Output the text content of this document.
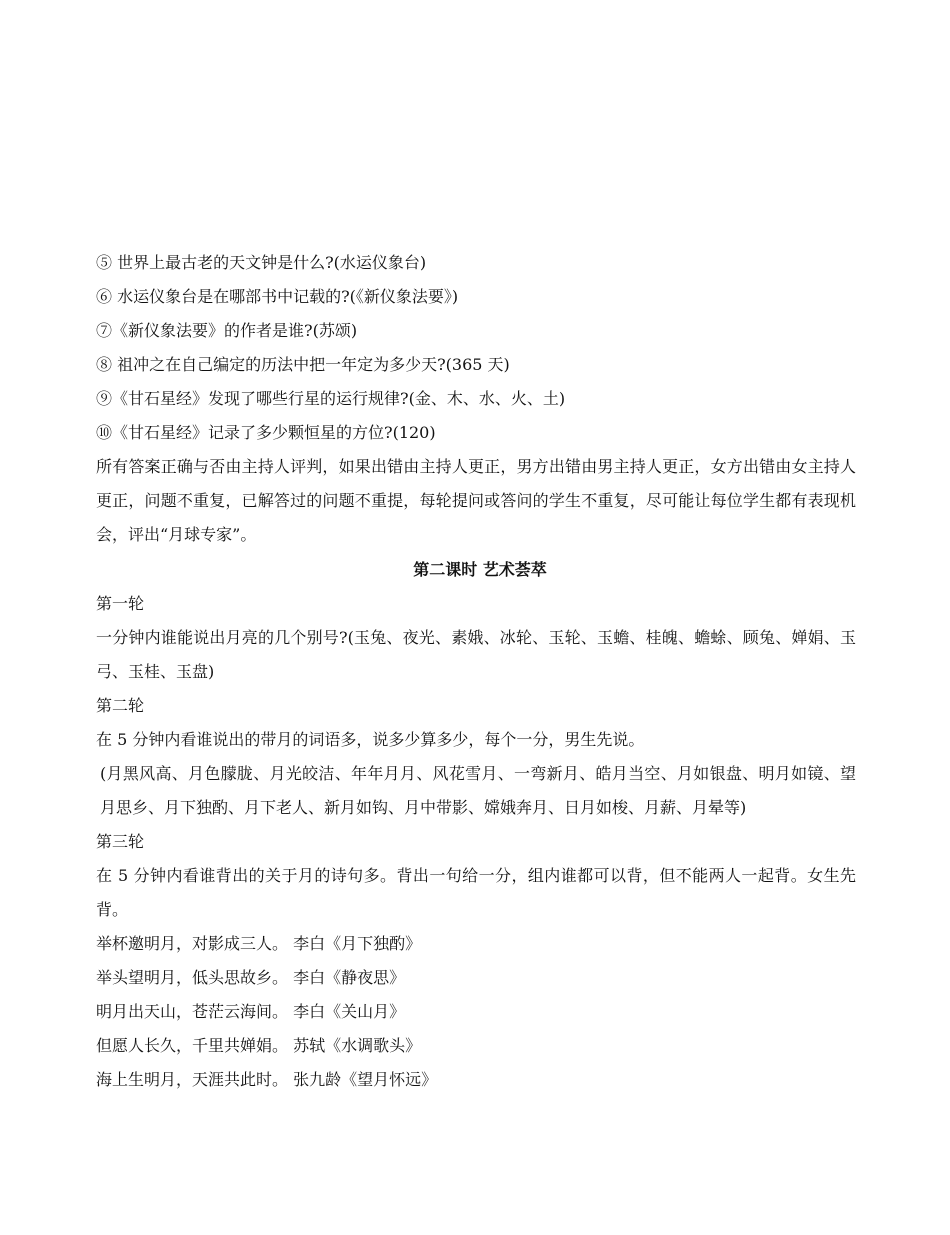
⑤ 世界上最古老的天文钟是什么?(水运仪象台)
⑥ 水运仪象台是在哪部书中记载的?(《新仪象法要》)
⑦《新仪象法要》的作者是谁?(苏颂)
⑧ 祖冲之在自己编定的历法中把一年定为多少天?(365 天)
⑨《甘石星经》发现了哪些行星的运行规律?(金、木、水、火、土)
⑩《甘石星经》记录了多少颗恒星的方位?(120)
所有答案正确与否由主持人评判，如果出错由主持人更正，男方出错由男主持人更正，女方出错由女主持人更正，问题不重复，已解答过的问题不重提，每轮提问或答问的学生不重复，尽可能让每位学生都有表现机会，评出“月球专家”。
第二课时 艺术荟萃
第一轮
一分钟内谁能说出月亮的几个别号?(玉兔、夜光、素娥、冰轮、玉轮、玉蟾、桂魄、蟾蜍、顾兔、婵娟、玉弓、玉桂、玉盘)
第二轮
在 5 分钟内看谁说出的带月的词语多，说多少算多少，每个一分，男生先说。
(月黑风高、月色朦胧、月光皎洁、年年月月、风花雪月、一弯新月、皓月当空、月如银盘、明月如镜、望月思乡、月下独酌、月下老人、新月如钩、月中带影、嫦娥奔月、日月如梭、月薪、月晕等)
第三轮
在 5 分钟内看谁背出的关于月的诗句多。背出一句给一分，组内谁都可以背，但不能两人一起背。女生先背。
举杯邀明月，对影成三人。 李白《月下独酌》
举头望明月，低头思故乡。 李白《静夜思》
明月出天山，苍茫云海间。 李白《关山月》
但愿人长久，千里共婵娟。 苏轼《水调歌头》
海上生明月，天涯共此时。 张九龄《望月怀远》
